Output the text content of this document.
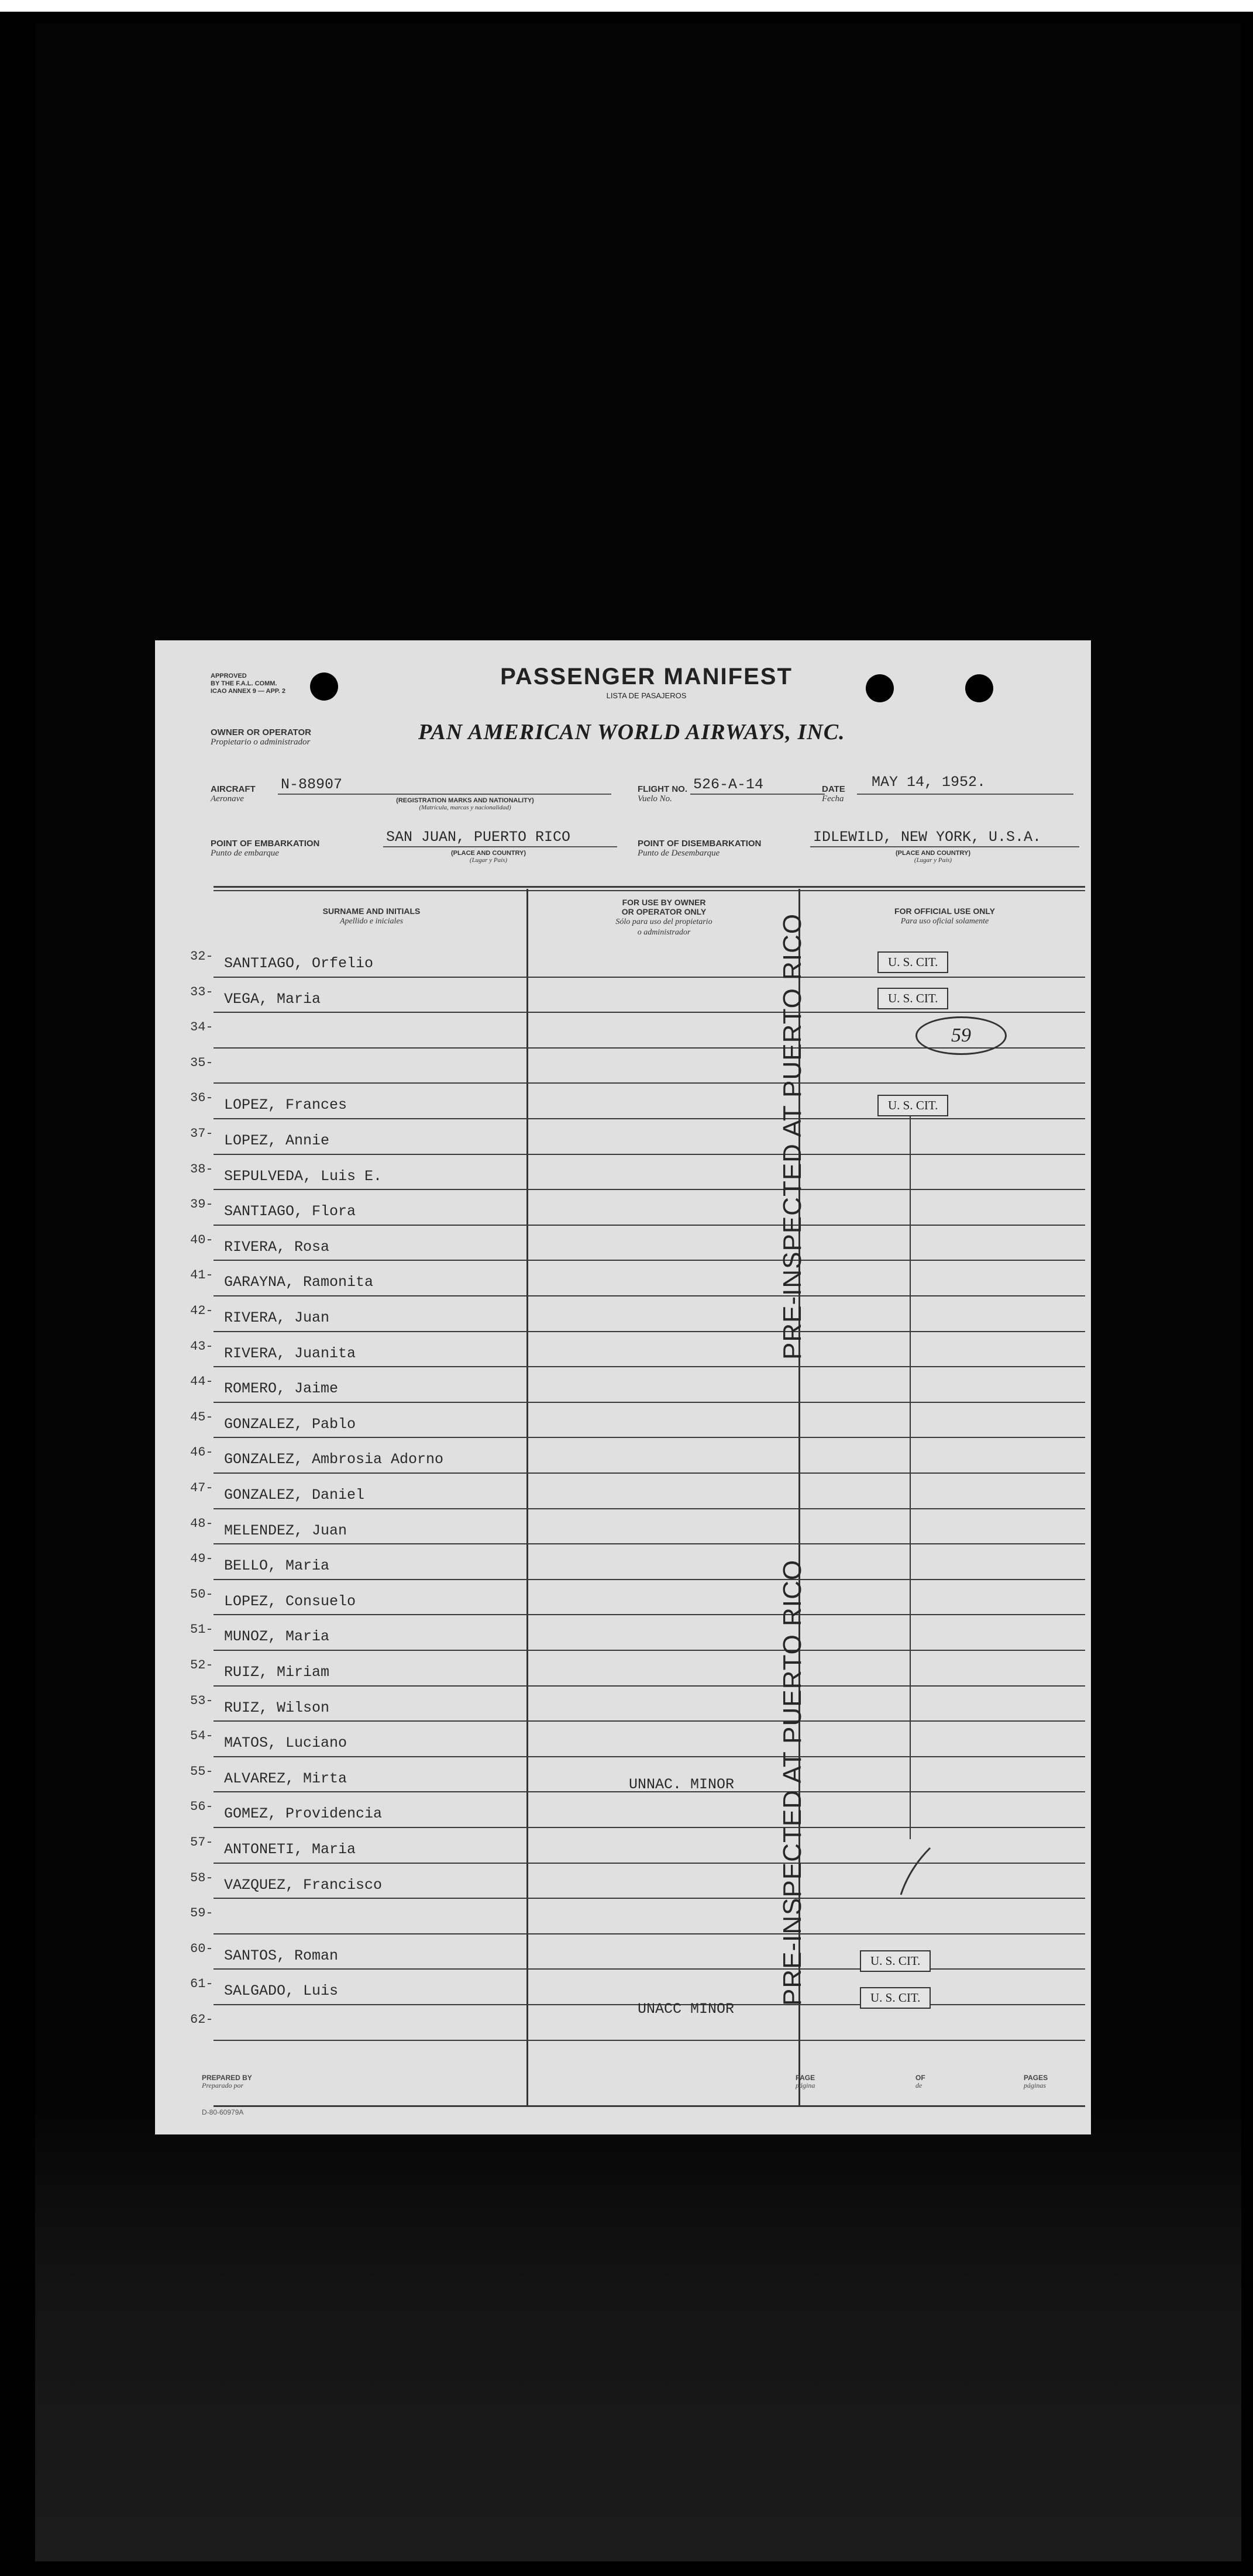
APPROVED
BY THE F.A.L. COMM.
ICAO ANNEX 9 — APP. 2
PASSENGER MANIFEST
LISTA DE PASAJEROS
OWNER OR OPERATOR
Propietario o administrador	PAN AMERICAN WORLD AIRWAYS, INC.
AIRCRAFT
Aeronave
N-88907
(REGISTRATION MARKS AND NATIONALITY)
(Matrícula, marcas y nacionalidad)
FLIGHT NO.
Vuelo No.
526-A-14	DATE
Fecha
MAY 14, 1952.
POINT OF EMBARKATION
Punto de embarque
SAN JUAN, PUERTO RICO
(PLACE AND COUNTRY)
(Lugar y País)
POINT OF DISEMBARKATION
Punto de Desembarque
IDLEWILD, NEW YORK, U.S.A.
(PLACE AND COUNTRY)
(Lugar y País)
SURNAME AND INITIALS
Apellido e iniciales
FOR USE BY OWNER
OR OPERATOR ONLY
Sólo para uso del propietario
o administrador
FOR OFFICIAL USE ONLY
Para uso oficial solamente
32- SANTIAGO, Orfelio
33- VEGA, Maria
34-
35-
36- LOPEZ, Frances
37- LOPEZ, Annie
38- SEPULVEDA, Luis E.
39- SANTIAGO, Flora
40- RIVERA, Rosa
41- GARAYNA, Ramonita
42- RIVERA, Juan
43- RIVERA, Juanita
44- ROMERO, Jaime
45- GONZALEZ, Pablo
46- GONZALEZ, Ambrosia Adorno
47- GONZALEZ, Daniel
48- MELENDEZ, Juan
49- BELLO, Maria
50- LOPEZ, Consuelo
51- MUNOZ, Maria
52- RUIZ, Miriam
53- RUIZ, Wilson
54- MATOS, Luciano
55- ALVAREZ, Mirta
56- GOMEZ, Providencia
57- ANTONETI, Maria
58- VAZQUEZ, Francisco
59-
60- SANTOS, Roman
61- SALGADO, Luis
62-
U. S. CIT.
U. S. CIT.
U. S. CIT.
U. S. CIT.
U. S. CIT.
59
PRE-INSPECTED AT PUERTO RICO
PRE-INSPECTED AT PUERTO RICO
UNNAC. MINOR
UNACC MINOR
PREPARED BY
Preparado por
PAGE
página
OF
de
PAGES
páginas
D-80-60979A
